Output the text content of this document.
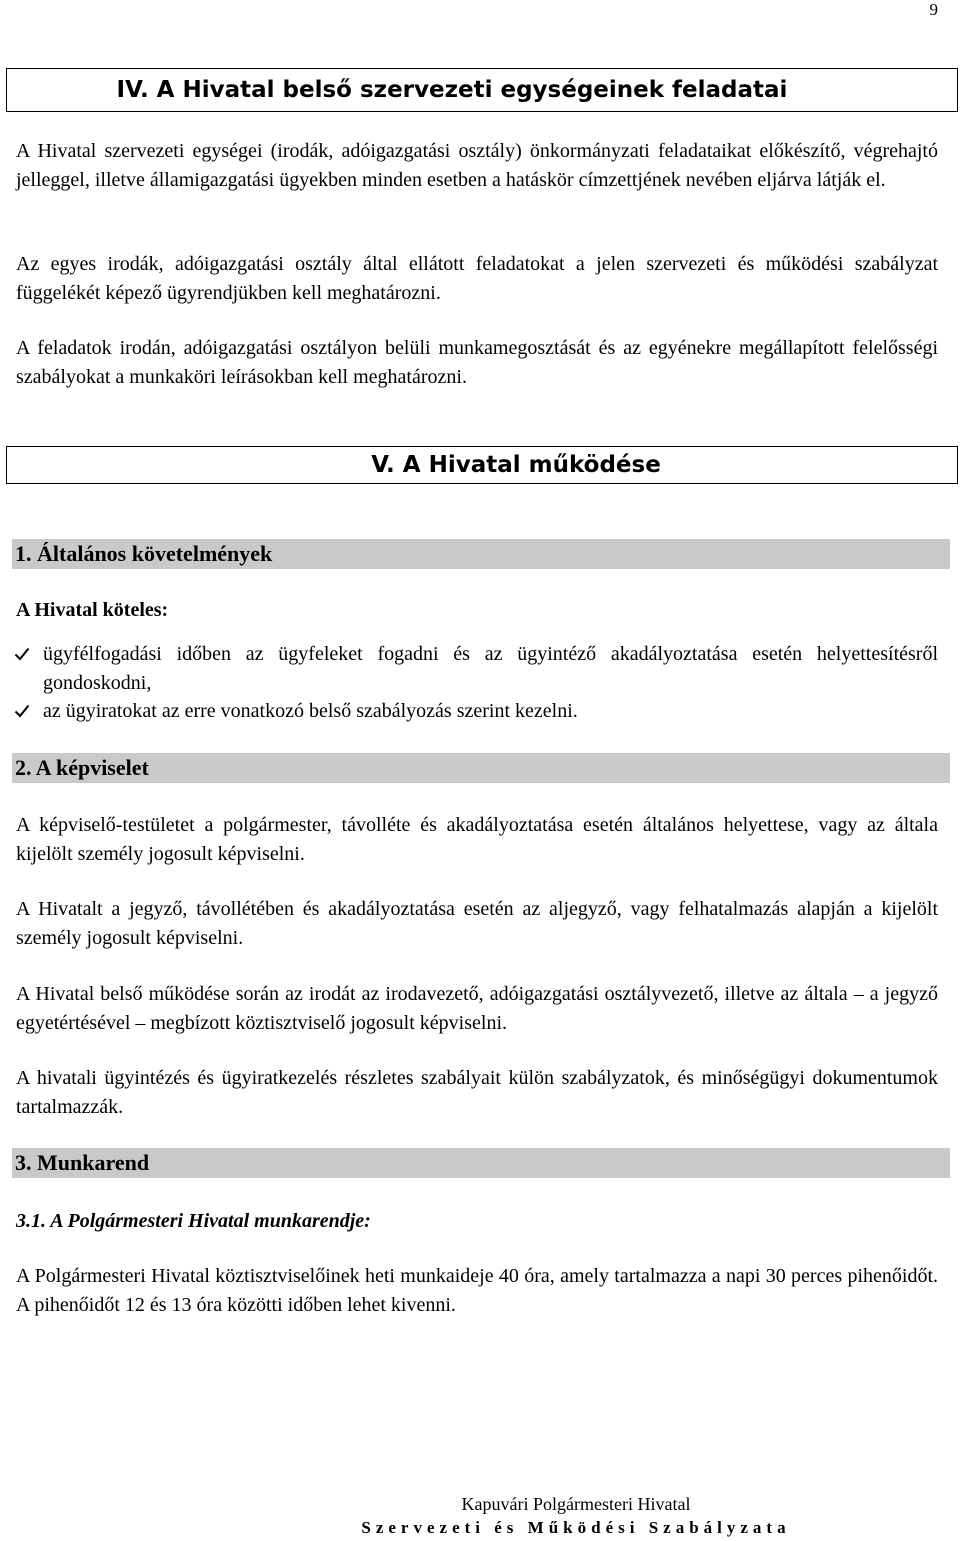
9
IV. A Hivatal belső szervezeti egységeinek feladatai

A Hivatal szervezeti egységei (irodák, adóigazgatási osztály) önkormányzati feladataikat előkészítő, végrehajtó jelleggel, illetve államigazgatási ügyekben minden esetben a hatáskör címzettjének nevében eljárva látják el.

Az egyes irodák, adóigazgatási osztály által ellátott feladatokat a jelen szervezeti és működési szabályzat függelékét képező ügyrendjükben kell meghatározni.

A feladatok irodán, adóigazgatási osztályon belüli munkamegosztását és az egyénekre megállapított felelősségi szabályokat a munkaköri leírásokban kell meghatározni.

V. A Hivatal működése
1. Általános követelmények
A Hivatal köteles:
ügyfélfogadási időben az ügyfeleket fogadni és az ügyintéző akadályoztatása esetén helyettesítésről gondoskodni,
az ügyiratokat az erre vonatkozó belső szabályozás szerint kezelni.
2. A képviselet

A képviselő-testületet a polgármester, távolléte és akadályoztatása esetén általános helyettese, vagy az általa kijelölt személy jogosult képviselni.

A Hivatalt a jegyző, távollétében és akadályoztatása esetén az aljegyző, vagy felhatalmazás alapján a kijelölt személy jogosult képviselni.

A Hivatal belső működése során az irodát az irodavezető, adóigazgatási osztályvezető, illetve az általa – a jegyző egyetértésével – megbízott köztisztviselő jogosult képviselni.

A hivatali ügyintézés és ügyiratkezelés részletes szabályait külön szabályzatok, és minőségügyi dokumentumok tartalmazzák.

3. Munkarend
3.1. A Polgármesteri Hivatal munkarendje:

A Polgármesteri Hivatal köztisztviselőinek heti munkaideje 40 óra, amely tartalmazza a napi 30 perces pihenőidőt. A pihenőidőt 12 és 13 óra közötti időben lehet kivenni.

Kapuvári Polgármesteri Hivatal
Szervezeti és Működési Szabályzata
